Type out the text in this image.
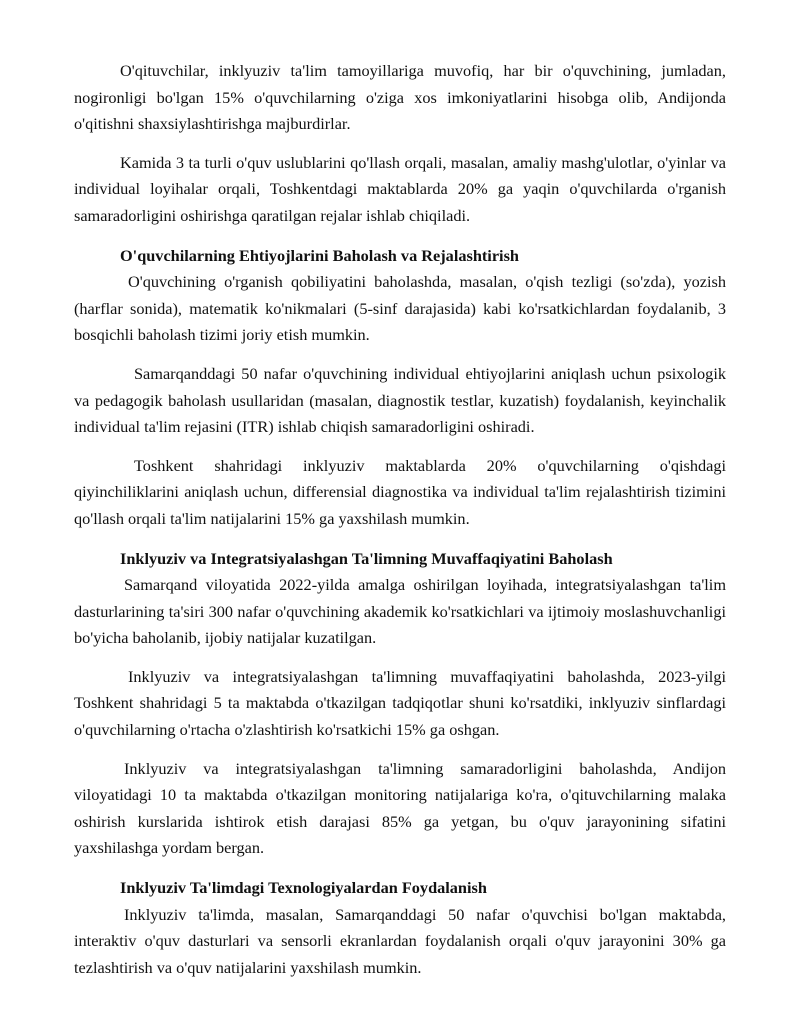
O'qituvchilar, inklyuziv ta'lim tamoyillariga muvofiq, har bir o'quvchining, jumladan, nogironligi bo'lgan 15% o'quvchilarning o'ziga xos imkoniyatlarini hisobga olib, Andijonda o'qitishni shaxsiylashtirishga majburdirlar.

Kamida 3 ta turli o'quv uslublarini qo'llash orqali, masalan, amaliy mashg'ulotlar, o'yinlar va individual loyihalar orqali, Toshkentdagi maktablarda 20% ga yaqin o'quvchilarda o'rganish samaradorligini oshirishga qaratilgan rejalar ishlab chiqiladi.

O'quvchilarning Ehtiyojlarini Baholash va Rejalashtirish

O'quvchining o'rganish qobiliyatini baholashda, masalan, o'qish tezligi (so'zda), yozish (harflar sonida), matematik ko'nikmalari (5-sinf darajasida) kabi ko'rsatkichlardan foydalanib, 3 bosqichli baholash tizimi joriy etish mumkin.

Samarqanddagi 50 nafar o'quvchining individual ehtiyojlarini aniqlash uchun psixologik va pedagogik baholash usullaridan (masalan, diagnostik testlar, kuzatish) foydalanish, keyinchalik individual ta'lim rejasini (ITR) ishlab chiqish samaradorligini oshiradi.

Toshkent shahridagi inklyuziv maktablarda 20% o'quvchilarning o'qishdagi qiyinchiliklarini aniqlash uchun, differensial diagnostika va individual ta'lim rejalashtirish tizimini qo'llash orqali ta'lim natijalarini 15% ga yaxshilash mumkin.

Inklyuziv va Integratsiyalashgan Ta'limning Muvaffaqiyatini Baholash

Samarqand viloyatida 2022-yilda amalga oshirilgan loyihada, integratsiyalashgan ta'lim dasturlarining ta'siri 300 nafar o'quvchining akademik ko'rsatkichlari va ijtimoiy moslashuvchanligi bo'yicha baholanib, ijobiy natijalar kuzatilgan.

Inklyuziv va integratsiyalashgan ta'limning muvaffaqiyatini baholashda, 2023-yilgi Toshkent shahridagi 5 ta maktabda o'tkazilgan tadqiqotlar shuni ko'rsatdiki, inklyuziv sinflardagi o'quvchilarning o'rtacha o'zlashtirish ko'rsatkichi 15% ga oshgan.

Inklyuziv va integratsiyalashgan ta'limning samaradorligini baholashda, Andijon viloyatidagi 10 ta maktabda o'tkazilgan monitoring natijalariga ko'ra, o'qituvchilarning malaka oshirish kurslarida ishtirok etish darajasi 85% ga yetgan, bu o'quv jarayonining sifatini yaxshilashga yordam bergan.

Inklyuziv Ta'limdagi Texnologiyalardan Foydalanish

Inklyuziv ta'limda, masalan, Samarqanddagi 50 nafar o'quvchisi bo'lgan maktabda, interaktiv o'quv dasturlari va sensorli ekranlardan foydalanish orqali o'quv jarayonini 30% ga tezlashtirish va o'quv natijalarini yaxshilash mumkin.
